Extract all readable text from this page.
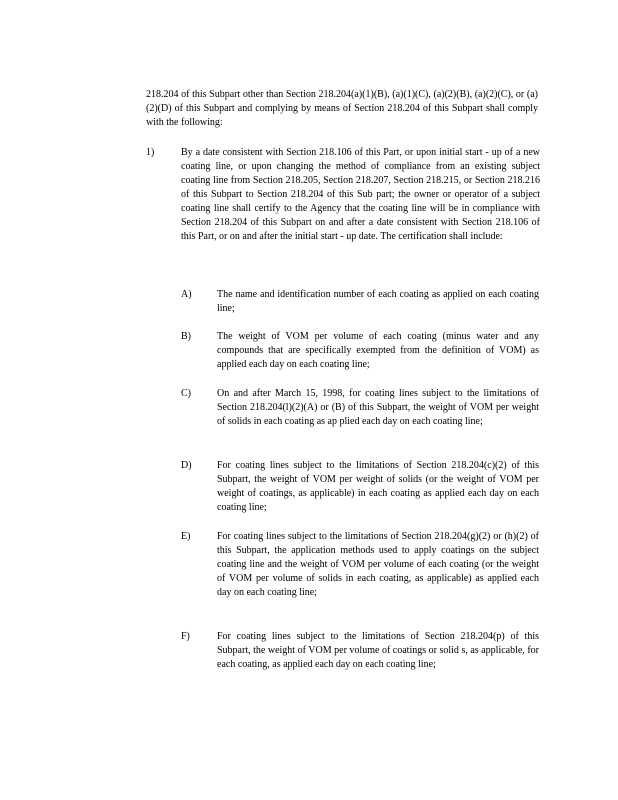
218.204 of this Subpart other than Section 218.204(a)(1)(B), (a)(1)(C), (a)(2)(B), (a)(2)(C), or (a)(2)(D) of this Subpart and complying by means of Section 218.204 of this Subpart shall comply with the following:

1)	By a date consistent with Section 218.106 of this Part, or upon initial start - up of a new coating line, or upon changing the method of compliance from an existing subject coating line from Section 218.205, Section 218.207, Section 218.215, or Section 218.216 of this Subpart to Section 218.204 of this Sub part; the owner or operator of a subject coating line shall certify to the Agency that the coating line will be in compliance with Section 218.204 of this Subpart on and after a date consistent with Section 218.106 of this Part, or on and after the initial start - up date. The certification shall include:

A)	The name and identification number of each coating as applied on each coating line;

B)	The weight of VOM per volume of each coating (minus water and any compounds that are specifically exempted from the definition of VOM) as applied each day on each coating line;

C)	On and after March 15, 1998, for coating lines subject to the limitations of Section 218.204(l)(2)(A) or (B) of this Subpart, the weight of VOM per weight of solids in each coating as ap plied each day on each coating line;

D)	For coating lines subject to the limitations of Section 218.204(c)(2) of this Subpart, the weight of VOM per weight of solids (or the weight of VOM per weight of coatings, as applicable) in each coating as applied each day on each coating line;

E)	For coating lines subject to the limitations of Section 218.204(g)(2) or (h)(2) of this Subpart, the application methods used to apply coatings on the subject coating line and the weight of VOM per volume of each coating (or the weight of VOM per volume of solids in each coating, as applicable) as applied each day on each coating line;

F)	For coating lines subject to the limitations of Section 218.204(p) of this Subpart, the weight of VOM per volume of coatings or solid s, as applicable, for each coating, as applied each day on each coating line;
